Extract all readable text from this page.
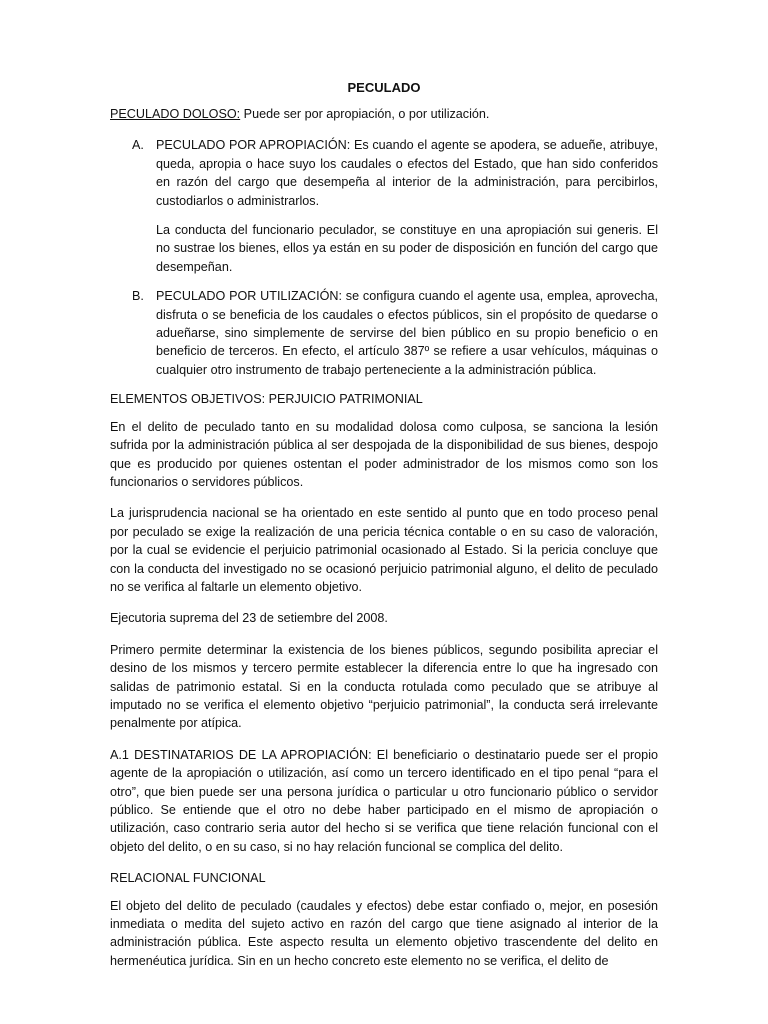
PECULADO

PECULADO DOLOSO: Puede ser por apropiación, o por utilización.

A. PECULADO POR APROPIACIÓN: Es cuando el agente se apodera, se adueñe, atribuye, queda, apropia o hace suyo los caudales o efectos del Estado, que han sido conferidos en razón del cargo que desempeña al interior de la administración, para percibirlos, custodiarlos o administrarlos.

La conducta del funcionario peculador, se constituye en una apropiación sui generis. El no sustrae los bienes, ellos ya están en su poder de disposición en función del cargo que desempeñan.

B. PECULADO POR UTILIZACIÓN: se configura cuando el agente usa, emplea, aprovecha, disfruta o se beneficia de los caudales o efectos públicos, sin el propósito de quedarse o adueñarse, sino simplemente de servirse del bien público en su propio beneficio o en beneficio de terceros. En efecto, el artículo 387º se refiere a usar vehículos, máquinas o cualquier otro instrumento de trabajo perteneciente a la administración pública.

ELEMENTOS OBJETIVOS: PERJUICIO PATRIMONIAL

En el delito de peculado tanto en su modalidad dolosa como culposa, se sanciona la lesión sufrida por la administración pública al ser despojada de la disponibilidad de sus bienes, despojo que es producido por quienes ostentan el poder administrador de los mismos como son los funcionarios o servidores públicos.

La jurisprudencia nacional se ha orientado en este sentido al punto que en todo proceso penal por peculado se exige la realización de una pericia técnica contable o en su caso de valoración, por la cual se evidencie el perjuicio patrimonial ocasionado al Estado. Si la pericia concluye que con la conducta del investigado no se ocasionó perjuicio patrimonial alguno, el delito de peculado no se verifica al faltarle un elemento objetivo.

Ejecutoria suprema del 23 de setiembre del 2008.

Primero permite determinar la existencia de los bienes públicos, segundo posibilita apreciar el desino de los mismos y tercero permite establecer la diferencia entre lo que ha ingresado con salidas de patrimonio estatal. Si en la conducta rotulada como peculado que se atribuye al imputado no se verifica el elemento objetivo “perjuicio patrimonial”, la conducta será irrelevante penalmente por atípica.

A.1 DESTINATARIOS DE LA APROPIACIÓN: El beneficiario o destinatario puede ser el propio agente de la apropiación o utilización, así como un tercero identificado en el tipo penal “para el otro”, que bien puede ser una persona jurídica o particular u otro funcionario público o servidor público. Se entiende que el otro no debe haber participado en el mismo de apropiación o utilización, caso contrario seria autor del hecho si se verifica que tiene relación funcional con el objeto del delito, o en su caso, si no hay relación funcional se complica del delito.

RELACIONAL FUNCIONAL

El objeto del delito de peculado (caudales y efectos) debe estar confiado o, mejor, en posesión inmediata o medita del sujeto activo en razón del cargo que tiene asignado al interior de la administración pública. Este aspecto resulta un elemento objetivo trascendente del delito en hermenéutica jurídica. Sin en un hecho concreto este elemento no se verifica, el delito de
